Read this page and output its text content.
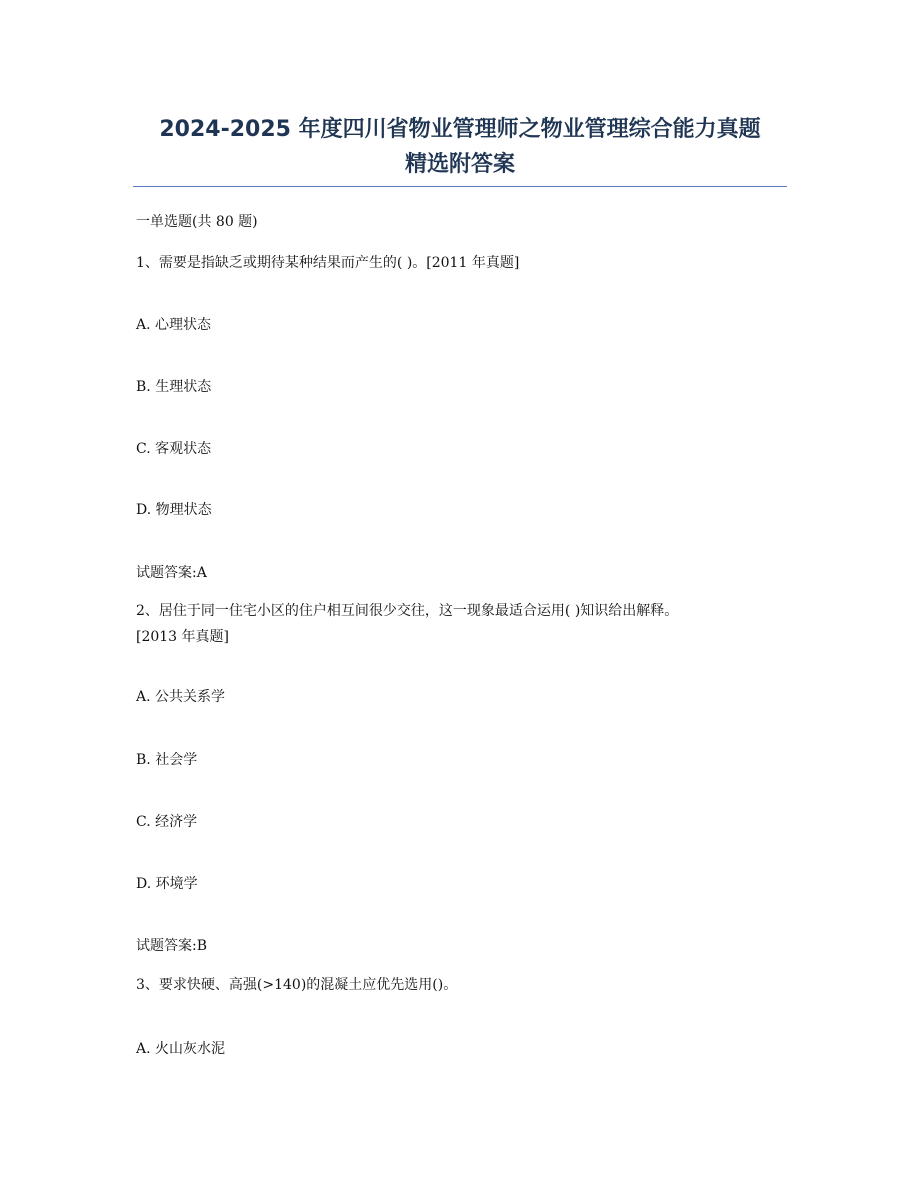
2024-2025 年度四川省物业管理师之物业管理综合能力真题
精选附答案
一单选题(共 80 题)
1、需要是指缺乏或期待某种结果而产生的( )。[2011 年真题]
A. 心理状态
B. 生理状态
C. 客观状态
D. 物理状态
试题答案:A
2、居住于同一住宅小区的住户相互间很少交往，这一现象最适合运用( )知识给出解释。
[2013 年真题]
A. 公共关系学
B. 社会学
C. 经济学
D. 环境学
试题答案:B
3、要求快硬、高强(>140)的混凝土应优先选用()。
A. 火山灰水泥
